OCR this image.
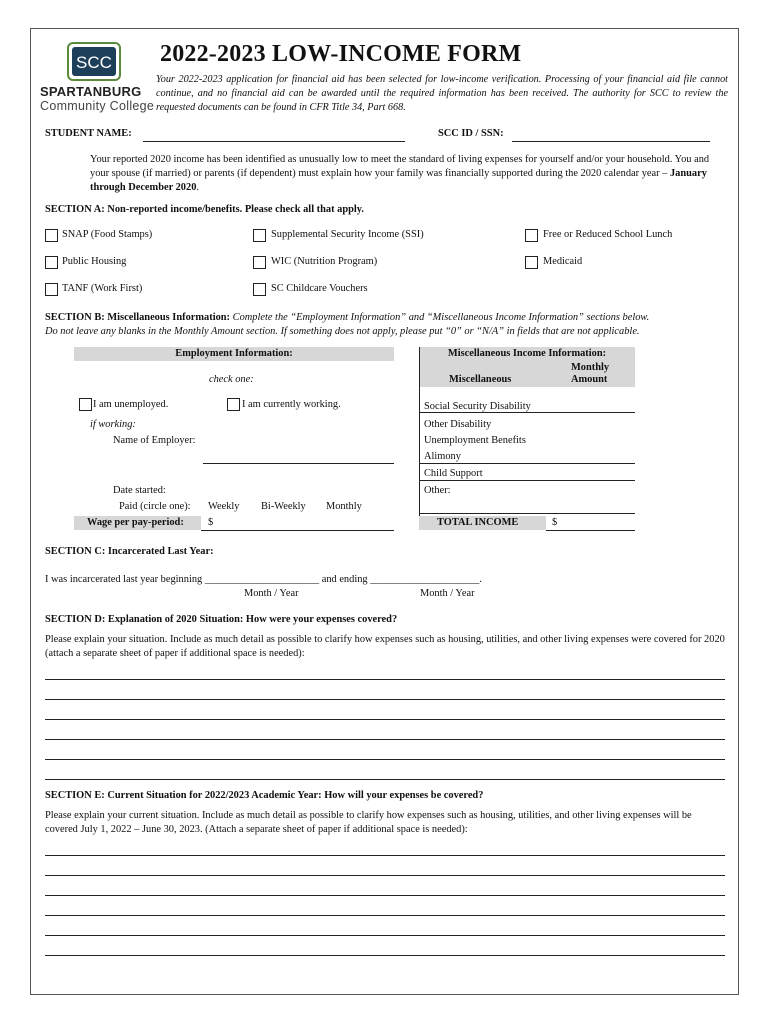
SCC
SPARTANBURG
Community College
2022-2023 LOW-INCOME FORM
Your 2022-2023 application for financial aid has been selected for low-income verification. Processing of your financial aid file cannot continue, and no financial aid can be awarded until the required information has been received. The authority for SCC to review the requested documents can be found in CFR Title 34, Part 668.
STUDENT NAME:	SCC ID / SSN:
Your reported 2020 income has been identified as unusually low to meet the standard of living expenses for yourself and/or your household. You and your spouse (if married) or parents (if dependent) must explain how your family was financially supported during the 2020 calendar year – January through December 2020.
SECTION A: Non-reported income/benefits. Please check all that apply.
SNAP (Food Stamps)	Supplemental Security Income (SSI)	Free or Reduced School Lunch
Public Housing	WIC (Nutrition Program)	Medicaid
TANF (Work First)	SC Childcare Vouchers
SECTION B: Miscellaneous Information: Complete the “Employment Information” and “Miscellaneous Income Information” sections below.
Do not leave any blanks in the Monthly Amount section. If something does not apply, please put “0” or “N/A” in fields that are not applicable.
Employment Information:
check one:
I am unemployed.	I am currently working.
if working:
Name of Employer:
Date started:
Paid (circle one): Weekly Bi-Weekly Monthly
Wage per pay-period: $
Miscellaneous Income Information:
Miscellaneous
Monthly
Amount
Social Security Disability
Other Disability
Unemployment Benefits
Alimony
Child Support
Other:
TOTAL INCOME	$
SECTION C: Incarcerated Last Year:
I was incarcerated last year beginning ______________________ and ending _____________________.
Month / Year	Month / Year
SECTION D: Explanation of 2020 Situation: How were your expenses covered?
Please explain your situation. Include as much detail as possible to clarify how expenses such as housing, utilities, and other living expenses were covered for 2020 (attach a separate sheet of paper if additional space is needed):
SECTION E: Current Situation for 2022/2023 Academic Year: How will your expenses be covered?
Please explain your current situation. Include as much detail as possible to clarify how expenses such as housing, utilities, and other living expenses will be covered July 1, 2022 – June 30, 2023. (Attach a separate sheet of paper if additional space is needed):
